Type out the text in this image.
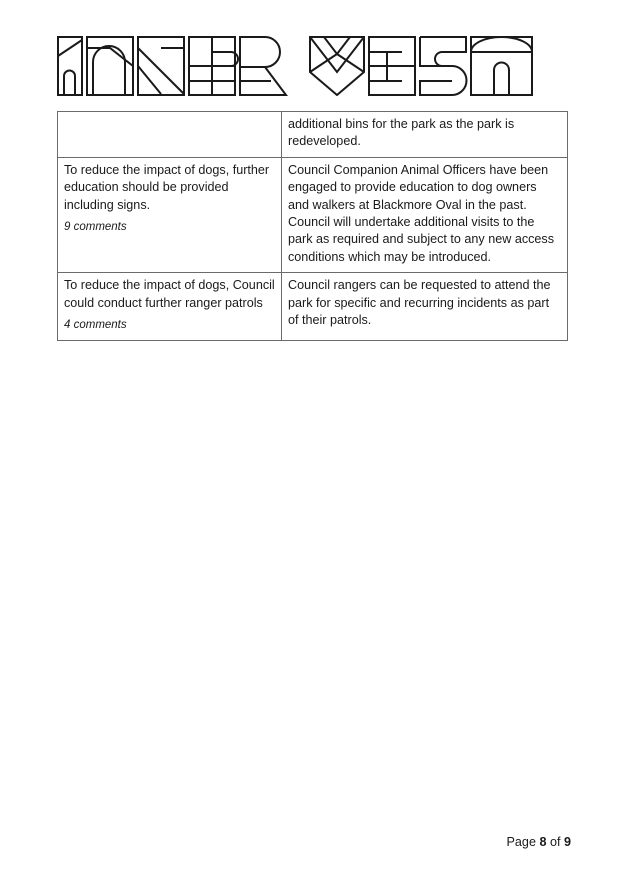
	additional bins for the park as the park is redeveloped.
To reduce the impact of dogs, further education should be provided including signs.
9 comments	Council Companion Animal Officers have been engaged to provide education to dog owners and walkers at Blackmore Oval in the past. Council will undertake additional visits to the park as required and subject to any new access conditions which may be introduced.
To reduce the impact of dogs, Council could conduct further ranger patrols
4 comments	Council rangers can be requested to attend the park for specific and recurring incidents as part of their patrols.
Page 8 of 9
